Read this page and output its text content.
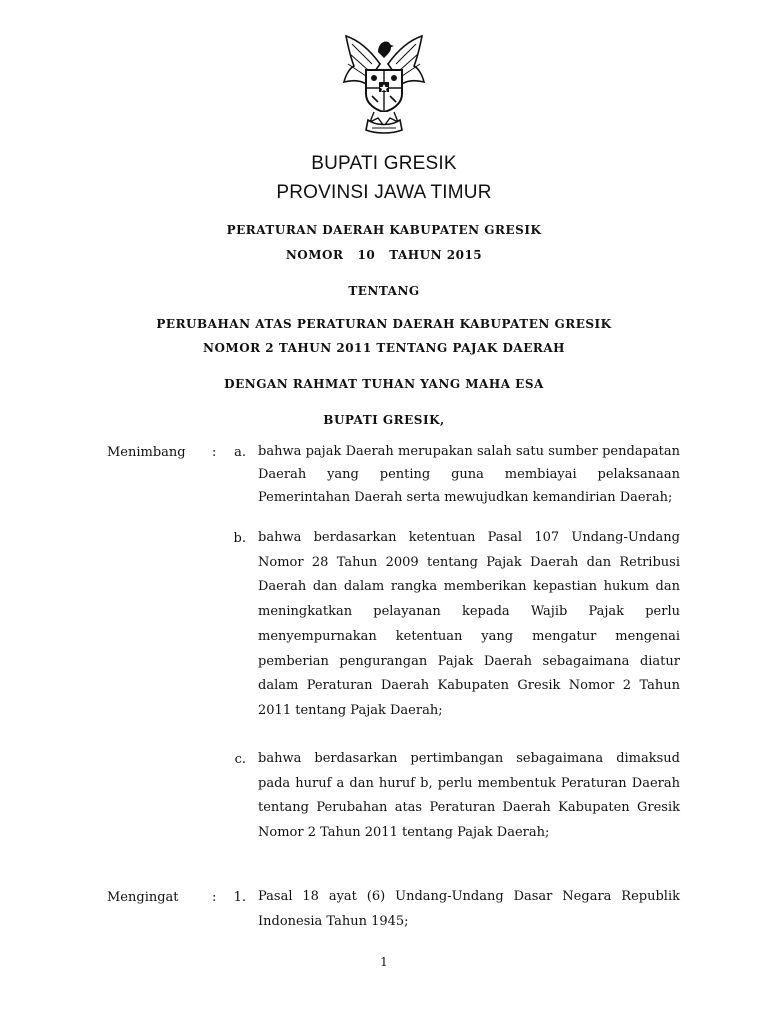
BUPATI GRESIK
PROVINSI JAWA TIMUR
PERATURAN DAERAH KABUPATEN GRESIK
NOMOR   10   TAHUN 2015
TENTANG
PERUBAHAN ATAS PERATURAN DAERAH KABUPATEN GRESIK
NOMOR 2 TAHUN 2011 TENTANG PAJAK DAERAH
DENGAN RAHMAT TUHAN YANG MAHA ESA
BUPATI GRESIK,
Menimbang :	a. bahwa pajak Daerah merupakan salah satu sumber pendapatan Daerah yang penting guna membiayai pelaksanaan Pemerintahan Daerah serta mewujudkan kemandirian Daerah;
b. bahwa berdasarkan ketentuan Pasal 107 Undang-Undang Nomor 28 Tahun 2009 tentang Pajak Daerah dan Retribusi Daerah dan dalam rangka memberikan kepastian hukum dan meningkatkan pelayanan kepada Wajib Pajak perlu menyempurnakan ketentuan yang mengatur mengenai pemberian pengurangan Pajak Daerah sebagaimana diatur dalam Peraturan Daerah Kabupaten Gresik Nomor 2 Tahun 2011 tentang Pajak Daerah;
c. bahwa berdasarkan pertimbangan sebagaimana dimaksud pada huruf a dan huruf b, perlu membentuk Peraturan Daerah tentang Perubahan atas Peraturan Daerah Kabupaten Gresik Nomor 2 Tahun 2011 tentang Pajak Daerah;
Mengingat	:	1. Pasal 18 ayat (6) Undang-Undang Dasar Negara Republik Indonesia Tahun 1945;
1
